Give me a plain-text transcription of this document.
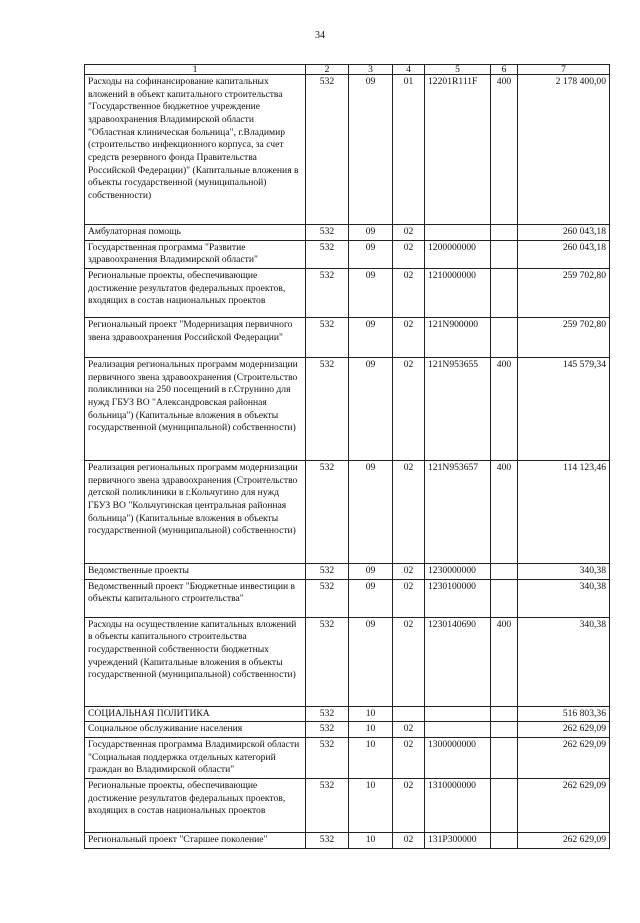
34
1	2	3	4	5	6	7
Расходы на софинансирование капитальных вложений в объект капитального строительства "Государственное бюджетное учреждение здравоохранения Владимирской области "Областная клиническая больница", г.Владимир (строительство инфекционного корпуса, за счет средств резервного фонда Правительства Российской Федерации)" (Капитальные вложения в объекты государственной (муниципальной) собственности)	532	09	01	12201R111F	400	2 178 400,00
Амбулаторная помощь	532	09	02			260 043,18
Государственная программа "Развитие здравоохранения Владимирской области"	532	09	02	1200000000		260 043,18
Региональные проекты, обеспечивающие достижение результатов федеральных проектов, входящих в состав национальных проектов	532	09	02	1210000000		259 702,80
Региональный проект "Модернизация первичного звена здравоохранения Российской Федерации"	532	09	02	121N900000		259 702,80
Реализация региональных программ модернизации первичного звена здравоохранения (Строительство поликлиники на 250 посещений в г.Струнино для нужд ГБУЗ ВО "Александровская районная больница") (Капитальные вложения в объекты государственной (муниципальной) собственности)	532	09	02	121N953655	400	145 579,34
Реализация региональных программ модернизации первичного звена здравоохранения (Строительство детской поликлиники в г.Кольчугино для нужд ГБУЗ ВО "Кольчугинская центральная районная больница") (Капитальные вложения в объекты государственной (муниципальной) собственности)	532	09	02	121N953657	400	114 123,46
Ведомственные проекты	532	09	02	1230000000		340,38
Ведомственный проект "Бюджетные инвестиции в объекты капитального строительства"	532	09	02	1230100000		340,38
Расходы на осуществление капитальных вложений в объекты капитального строительства государственной собственности бюджетных учреждений (Капитальные вложения в объекты государственной (муниципальной) собственности)	532	09	02	1230140690	400	340,38
СОЦИАЛЬНАЯ ПОЛИТИКА	532	10				516 803,36
Социальное обслуживание населения	532	10	02			262 629,09
Государственная программа Владимирской области "Социальная поддержка отдельных категорий граждан во Владимирской области"	532	10	02	1300000000		262 629,09
Региональные проекты, обеспечивающие достижение результатов федеральных проектов, входящих в состав национальных проектов	532	10	02	1310000000		262 629,09
Региональный проект "Старшее поколение"	532	10	02	131P300000		262 629,09
